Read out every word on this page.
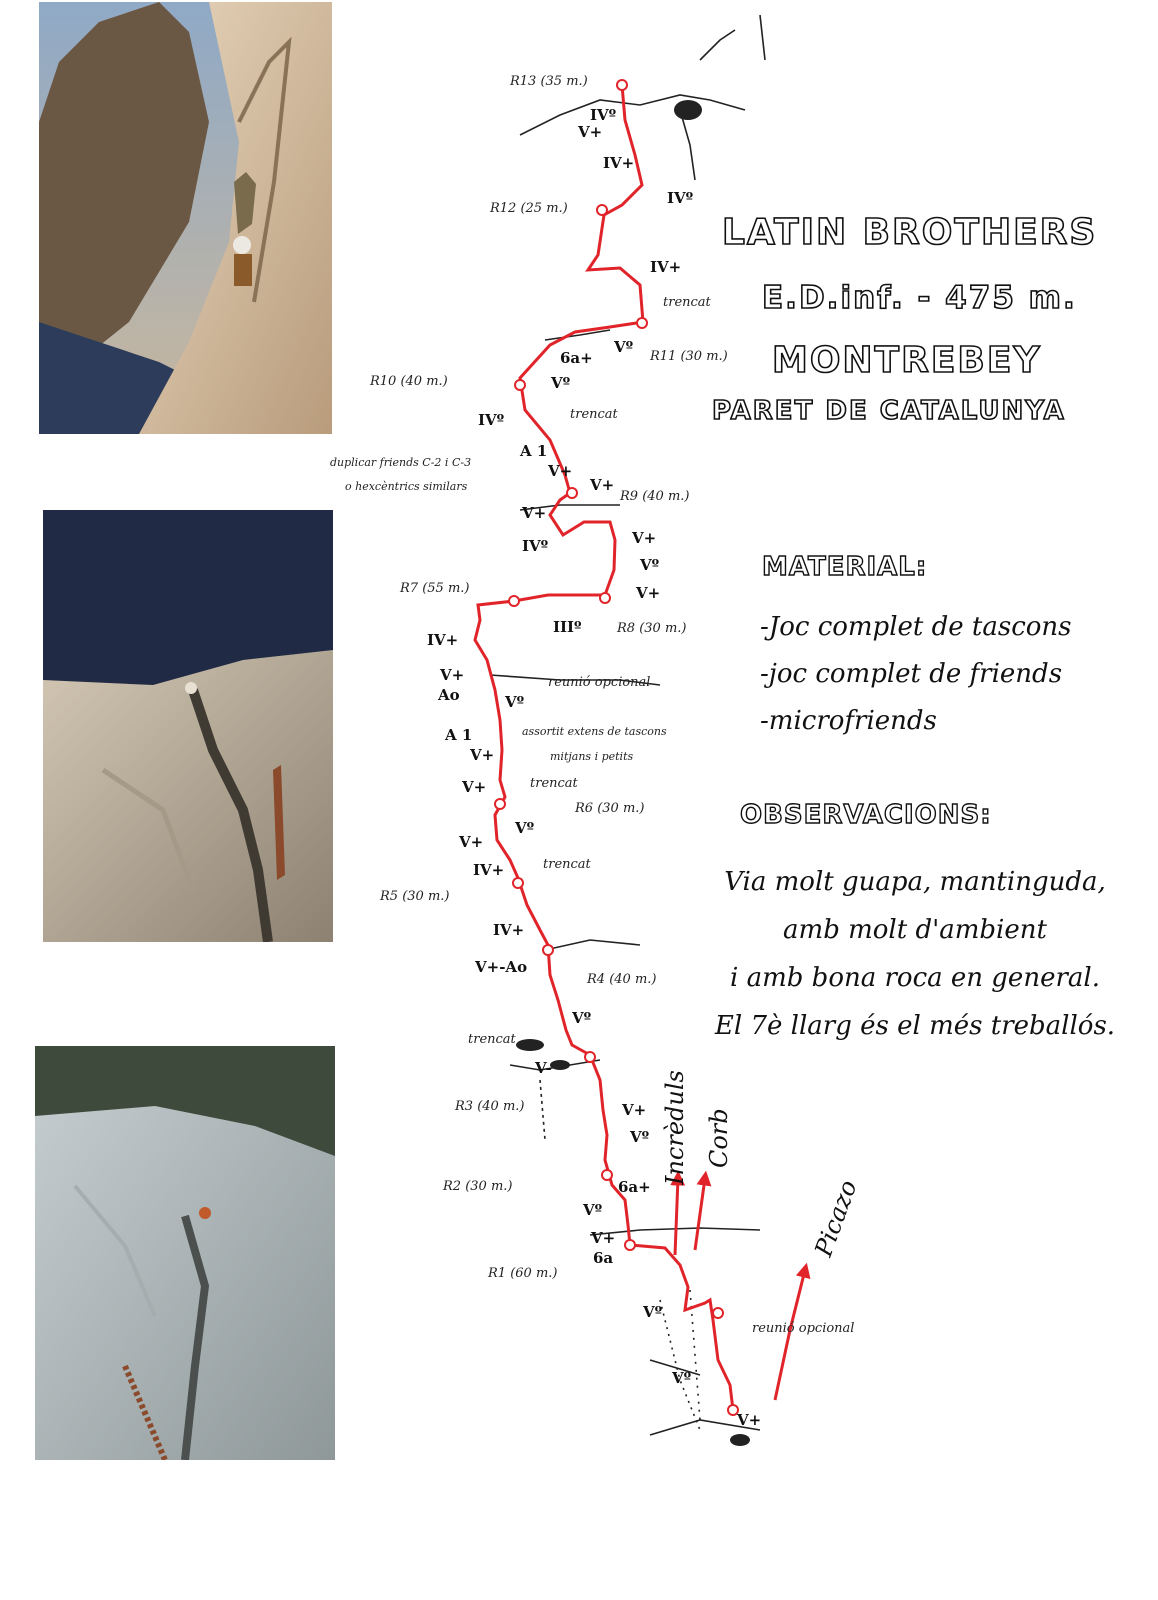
R13 (35 m.)
R12 (25 m.)
R11 (30 m.)
R10 (40 m.)
R9 (40 m.)
R8 (30 m.)
R7 (55 m.)
R6 (30 m.)
R5 (30 m.)
R4 (40 m.)
R3 (40 m.)
R2 (30 m.)
R1 (60 m.)
IVº
V+
IV+
IVº
IV+
6a+
Vº
Vº
IVº
A 1
V+
V+
V+
IVº	V+
Vº
V+
IV+
IIIº
V+
Ao	Vº
A 1
V+
V+
V+
Vº
IV+
IV+
V+-Ao
Vº
V-
V+
Vº
6a+
Vº
V+
6a
Vº
Vº
V+
trencat
trencat
duplicar friends C-2 i C-3
o hexcèntrics similars
reunió opcional
assortit extens de tascons
mitjans i petits
trencat
trencat
trencat
reunió opcional
Incrèduls Corb
Picazo
LATIN BROTHERS
E.D.inf. - 475 m.
MONTREBEY
PARET DE CATALUNYA
MATERIAL:
-Joc complet de tascons
-joc complet de friends
-microfriends
OBSERVACIONS:
Via molt guapa, mantinguda,
amb molt d'ambient
i amb bona roca en general.
El 7è llarg és el més treballós.
